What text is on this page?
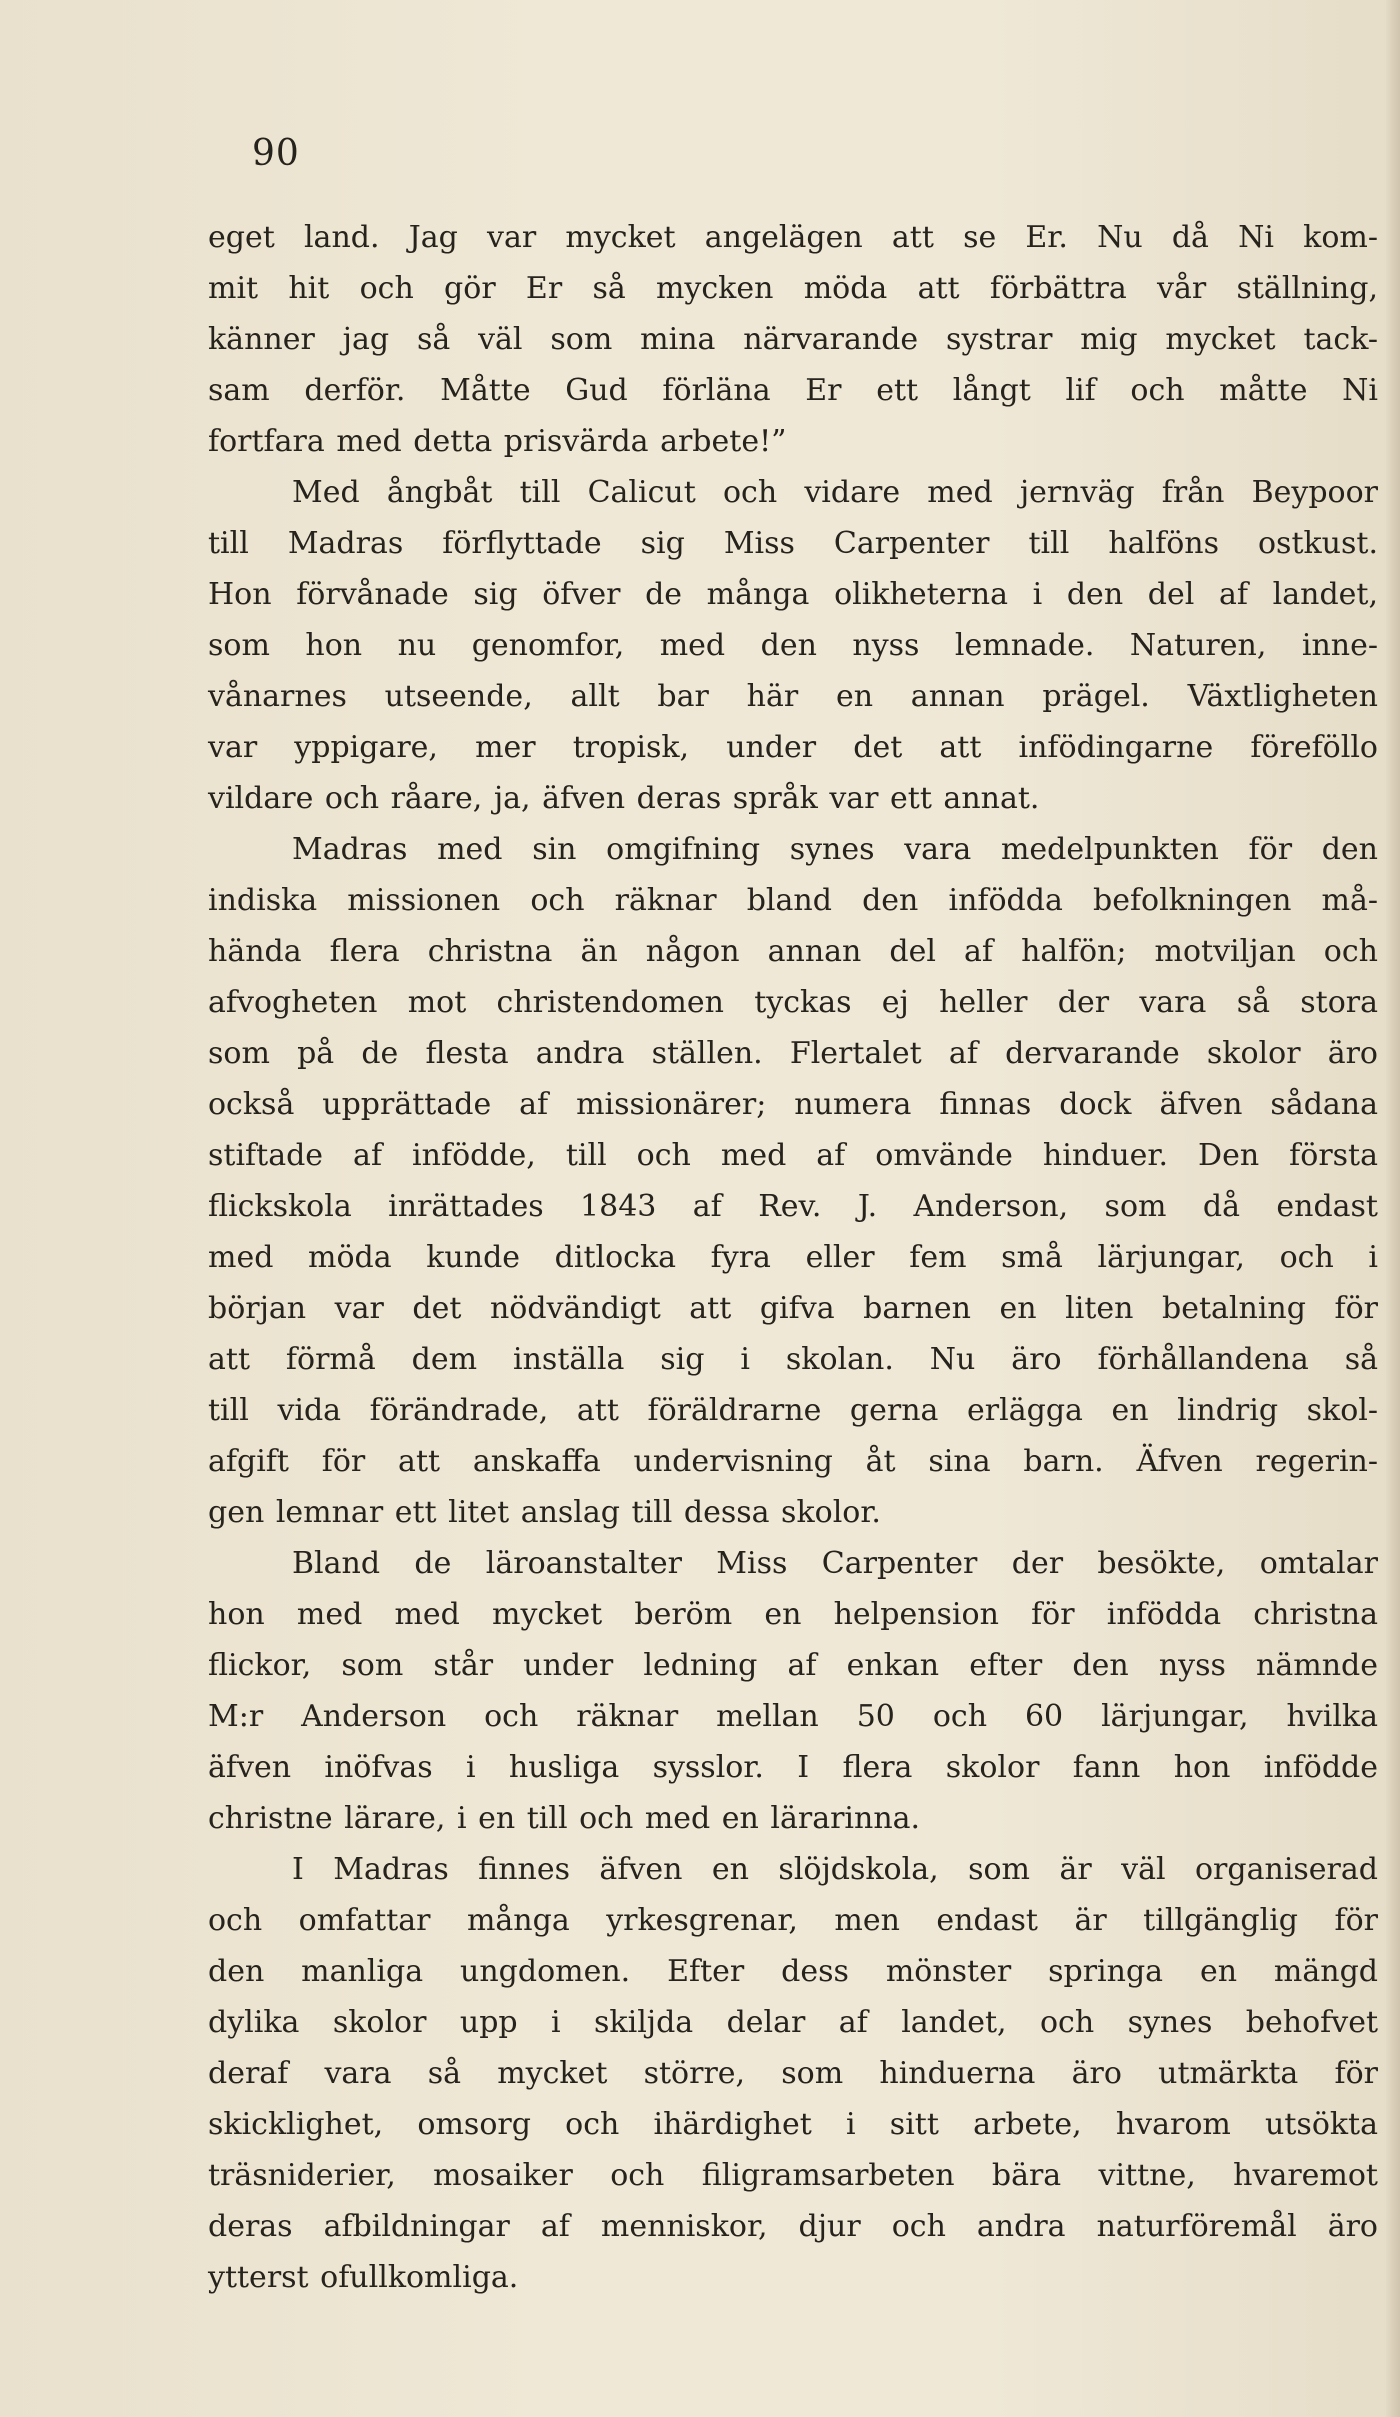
90
eget land. Jag var mycket angelägen att se Er. Nu då Ni kom-
mit hit och gör Er så mycken möda att förbättra vår ställning,
känner jag så väl som mina närvarande systrar mig mycket tack-
sam derför. Måtte Gud förläna Er ett långt lif och måtte Ni
fortfara med detta prisvärda arbete!”
Med ångbåt till Calicut och vidare med jernväg från Beypoor
till Madras förflyttade sig Miss Carpenter till halföns ostkust.
Hon förvånade sig öfver de många olikheterna i den del af landet,
som hon nu genomfor, med den nyss lemnade. Naturen, inne-
vånarnes utseende, allt bar här en annan prägel. Växtligheten
var yppigare, mer tropisk, under det att infödingarne föreföllo
vildare och råare, ja, äfven deras språk var ett annat.
Madras med sin omgifning synes vara medelpunkten för den
indiska missionen och räknar bland den infödda befolkningen må-
hända flera christna än någon annan del af halfön; motviljan och
afvogheten mot christendomen tyckas ej heller der vara så stora
som på de flesta andra ställen. Flertalet af dervarande skolor äro
också upprättade af missionärer; numera finnas dock äfven sådana
stiftade af infödde, till och med af omvände hinduer. Den första
flickskola inrättades 1843 af Rev. J. Anderson, som då endast
med möda kunde ditlocka fyra eller fem små lärjungar, och i
början var det nödvändigt att gifva barnen en liten betalning för
att förmå dem inställa sig i skolan. Nu äro förhållandena så
till vida förändrade, att föräldrarne gerna erlägga en lindrig skol-
afgift för att anskaffa undervisning åt sina barn. Äfven regerin-
gen lemnar ett litet anslag till dessa skolor.
Bland de läroanstalter Miss Carpenter der besökte, omtalar
hon med med mycket beröm en helpension för infödda christna
flickor, som står under ledning af enkan efter den nyss nämnde
M:r Anderson och räknar mellan 50 och 60 lärjungar, hvilka
äfven inöfvas i husliga sysslor. I flera skolor fann hon infödde
christne lärare, i en till och med en lärarinna.
I Madras finnes äfven en slöjdskola, som är väl organiserad
och omfattar många yrkesgrenar, men endast är tillgänglig för
den manliga ungdomen. Efter dess mönster springa en mängd
dylika skolor upp i skiljda delar af landet, och synes behofvet
deraf vara så mycket större, som hinduerna äro utmärkta för
skicklighet, omsorg och ihärdighet i sitt arbete, hvarom utsökta
träsniderier, mosaiker och filigramsarbeten bära vittne, hvaremot
deras afbildningar af menniskor, djur och andra naturföremål äro
ytterst ofullkomliga.
